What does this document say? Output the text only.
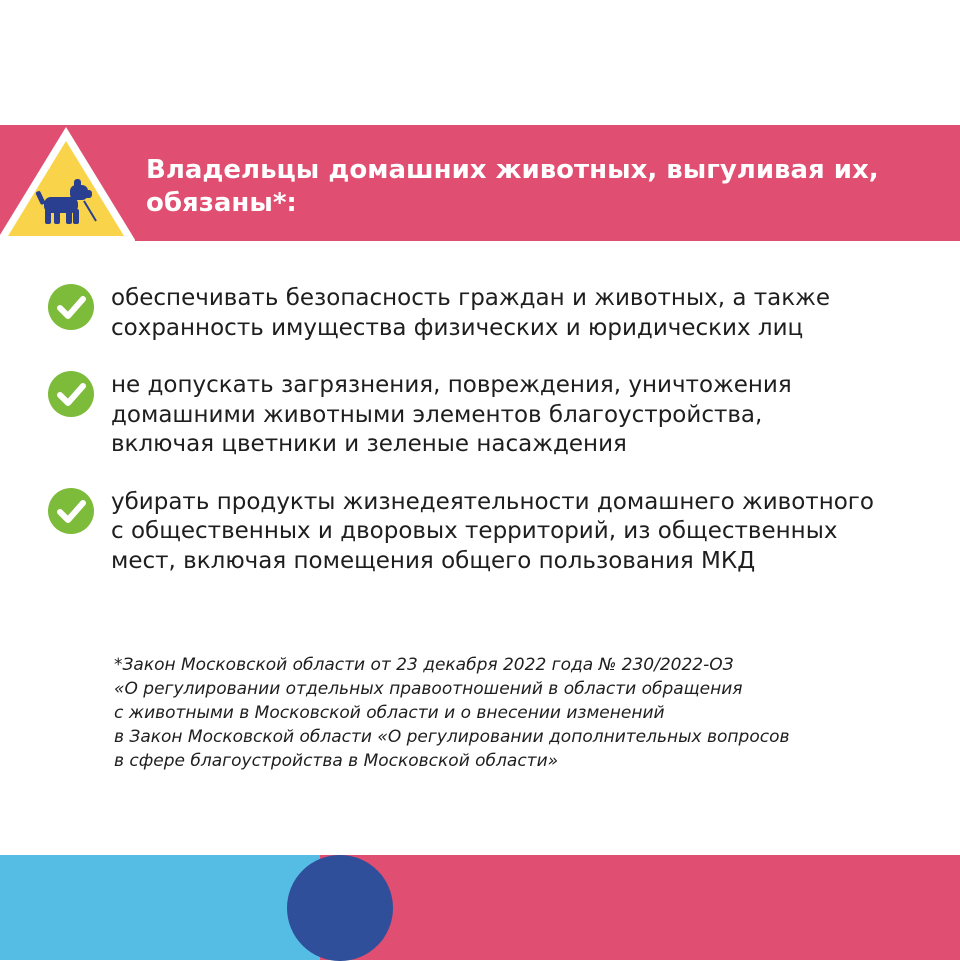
Владельцы домашних животных, выгуливая их,
обязаны*:

обеспечивать безопасность граждан и животных, а также
сохранность имущества физических и юридических лиц

не допускать загрязнения, повреждения, уничтожения
домашними животными элементов благоустройства,
включая цветники и зеленые насаждения

убирать продукты жизнедеятельности домашнего животного
с общественных и дворовых территорий, из общественных
мест, включая помещения общего пользования МКД

*Закон Московской области от 23 декабря 2022 года № 230/2022-ОЗ
«О регулировании отдельных правоотношений в области обращения
с животными в Московской области и о внесении изменений
в Закон Московской области «О регулировании дополнительных вопросов
в сфере благоустройства в Московской области»
